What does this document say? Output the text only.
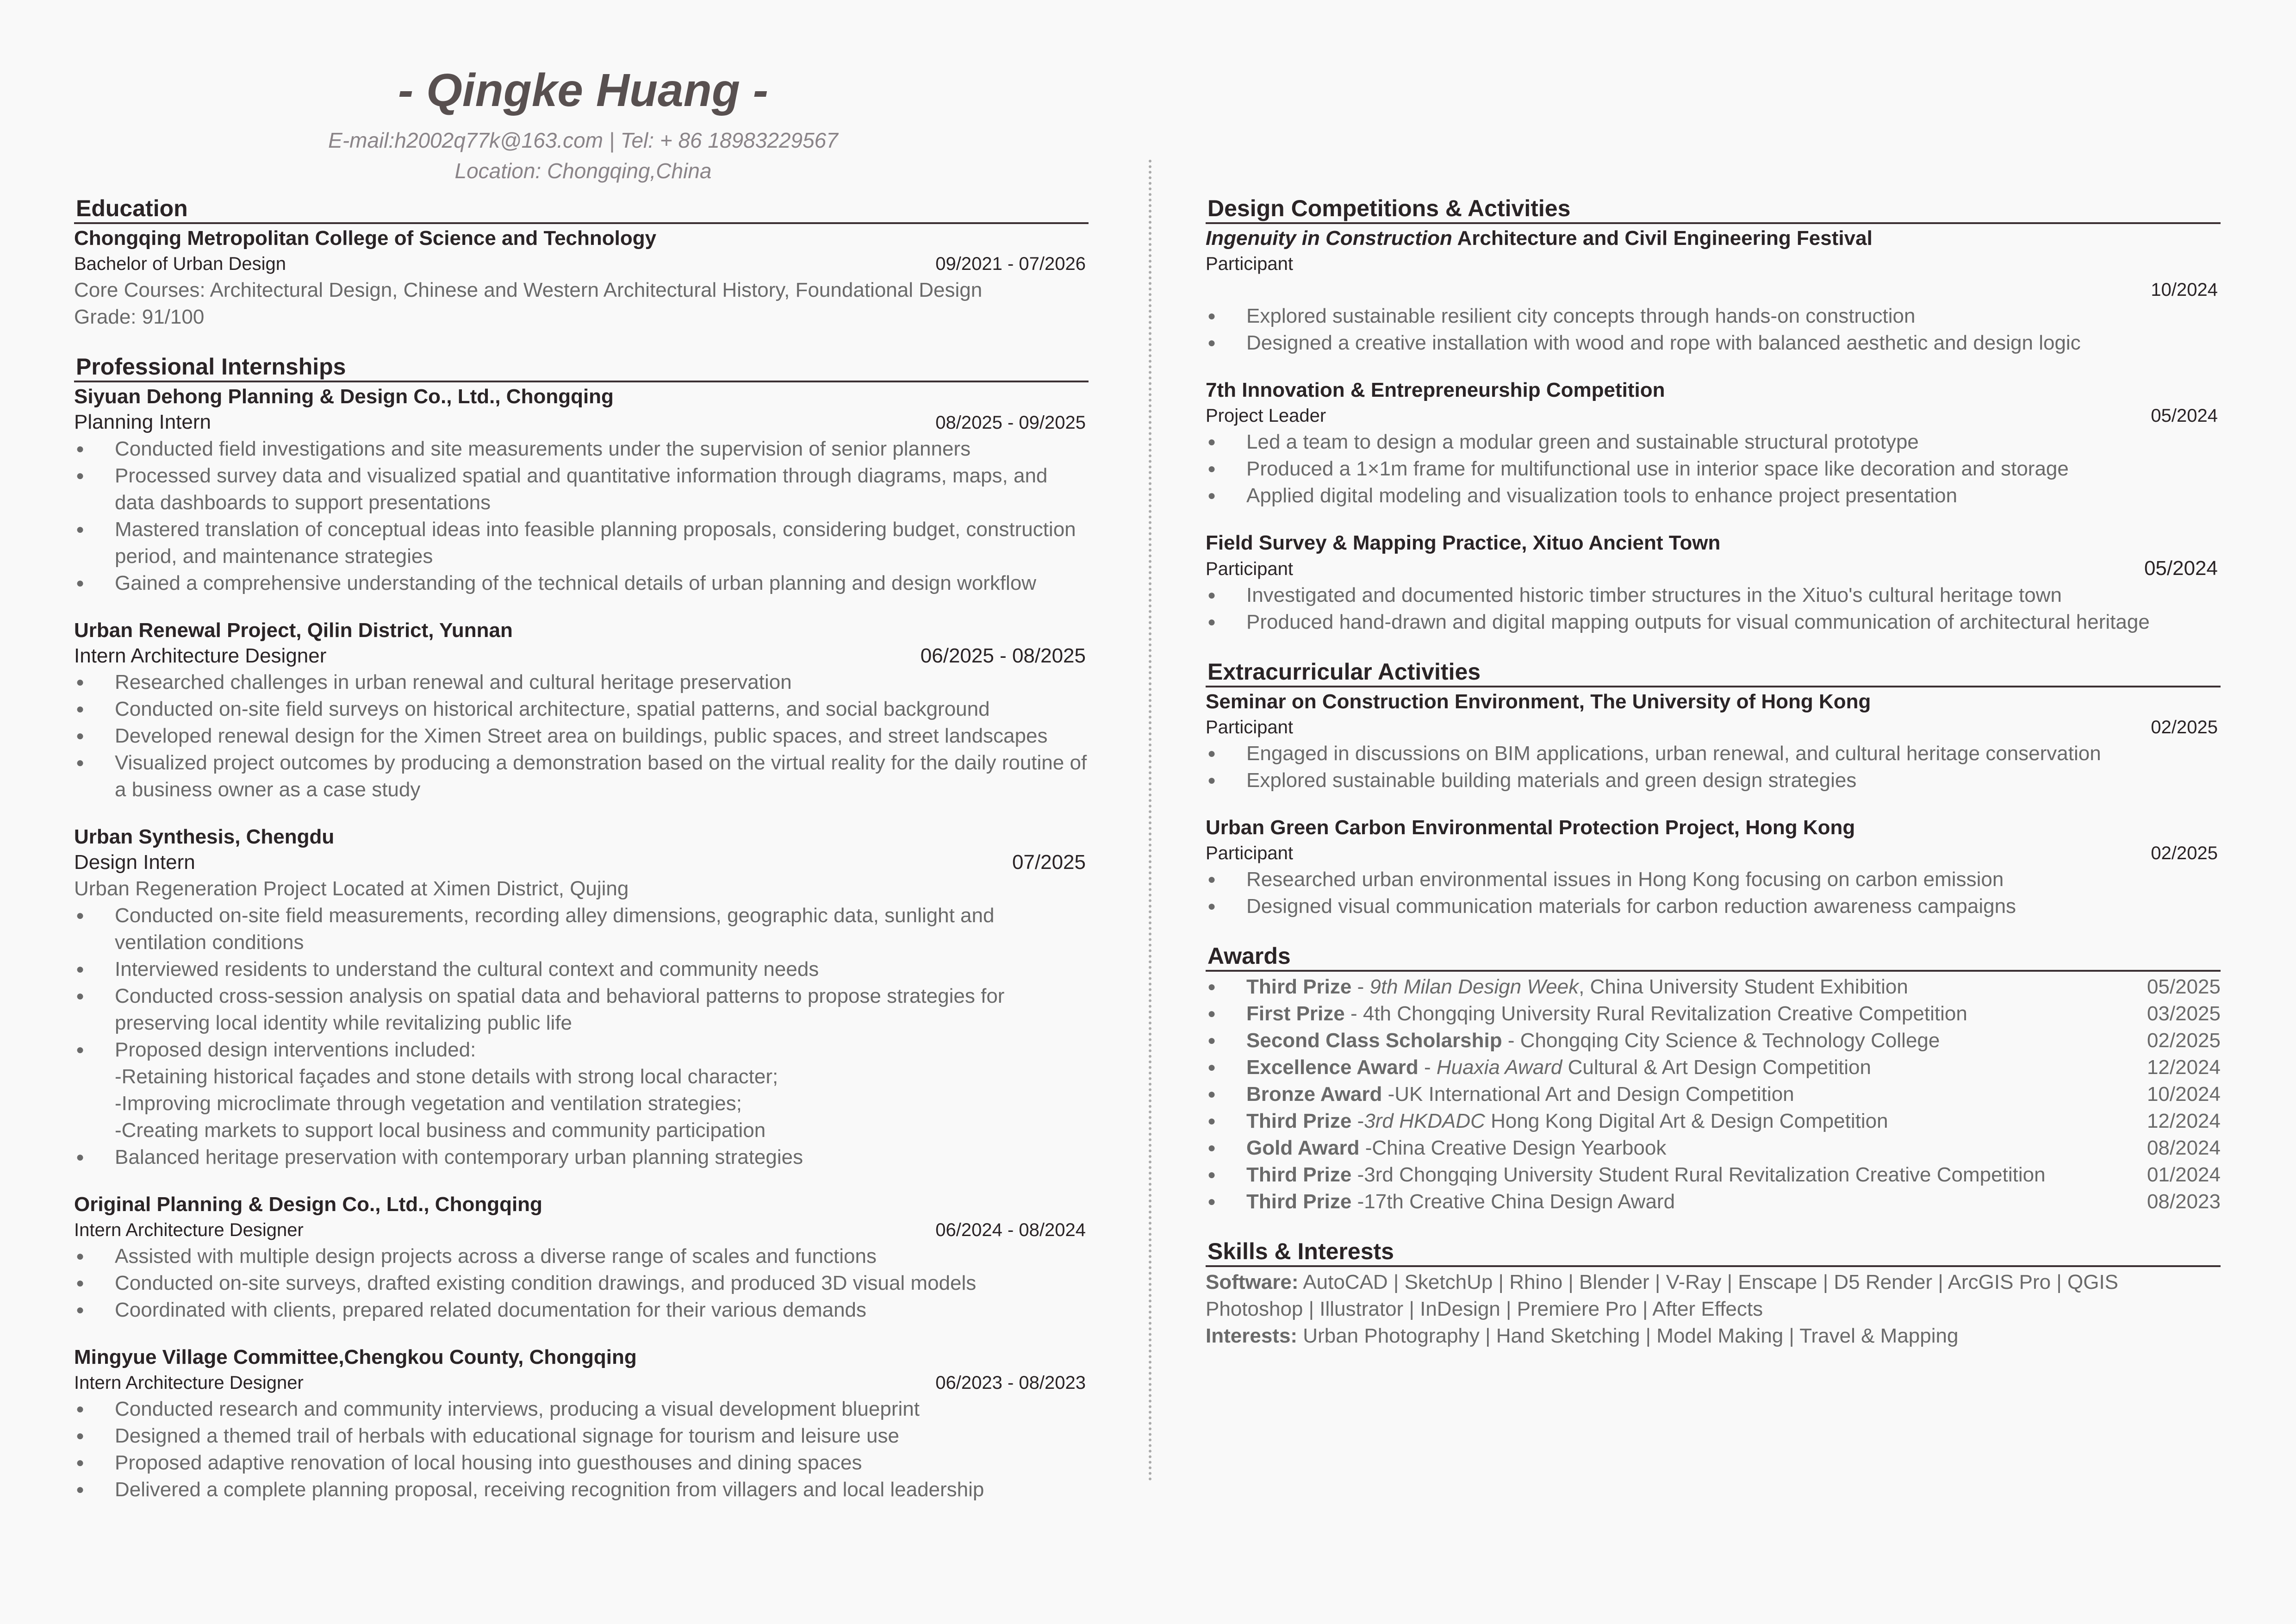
- Qingke Huang -
E-mail:h2002q77k@163.com | Tel: + 86 18983229567
Location: Chongqing,China
Education
Chongqing Metropolitan College of Science and Technology
Bachelor of Urban Design	09/2021 - 07/2026
Core Courses: Architectural Design, Chinese and Western Architectural History, Foundational Design
Grade: 91/100
Professional Internships
Siyuan Dehong Planning & Design Co., Ltd., Chongqing
Planning Intern	08/2025 - 09/2025
● Conducted field investigations and site measurements under the supervision of senior planners
● Processed survey data and visualized spatial and quantitative information through diagrams, maps, and data dashboards to support presentations
● Mastered translation of conceptual ideas into feasible planning proposals, considering budget, construction period, and maintenance strategies
● Gained a comprehensive understanding of the technical details of urban planning and design workflow
Urban Renewal Project, Qilin District, Yunnan
Intern Architecture Designer	06/2025 - 08/2025
● Researched challenges in urban renewal and cultural heritage preservation
● Conducted on-site field surveys on historical architecture, spatial patterns, and social background
● Developed renewal design for the Ximen Street area on buildings, public spaces, and street landscapes
● Visualized project outcomes by producing a demonstration based on the virtual reality for the daily routine of a business owner as a case study
Urban Synthesis, Chengdu
Design Intern	07/2025
Urban Regeneration Project Located at Ximen District, Qujing
● Conducted on-site field measurements, recording alley dimensions, geographic data, sunlight and ventilation conditions
● Interviewed residents to understand the cultural context and community needs
● Conducted cross-session analysis on spatial data and behavioral patterns to propose strategies for preserving local identity while revitalizing public life
● Proposed design interventions included:
-Retaining historical façades and stone details with strong local character;
-Improving microclimate through vegetation and ventilation strategies;
-Creating markets to support local business and community participation
● Balanced heritage preservation with contemporary urban planning strategies
Original Planning & Design Co., Ltd., Chongqing
Intern Architecture Designer	06/2024 - 08/2024
● Assisted with multiple design projects across a diverse range of scales and functions
● Conducted on-site surveys, drafted existing condition drawings, and produced 3D visual models
● Coordinated with clients, prepared related documentation for their various demands
Mingyue Village Committee,Chengkou County, Chongqing
Intern Architecture Designer	06/2023 - 08/2023
● Conducted research and community interviews, producing a visual development blueprint
● Designed a themed trail of herbals with educational signage for tourism and leisure use
● Proposed adaptive renovation of local housing into guesthouses and dining spaces
● Delivered a complete planning proposal, receiving recognition from villagers and local leadership
Design Competitions & Activities
Ingenuity in Construction Architecture and Civil Engineering Festival
Participant
10/2024
● Explored sustainable resilient city concepts through hands-on construction
● Designed a creative installation with wood and rope with balanced aesthetic and design logic
7th Innovation & Entrepreneurship Competition
Project Leader	05/2024
● Led a team to design a modular green and sustainable structural prototype
● Produced a 1×1m frame for multifunctional use in interior space like decoration and storage
● Applied digital modeling and visualization tools to enhance project presentation
Field Survey & Mapping Practice, Xituo Ancient Town
Participant	05/2024
● Investigated and documented historic timber structures in the Xituo's cultural heritage town
● Produced hand-drawn and digital mapping outputs for visual communication of architectural heritage
Extracurricular Activities
Seminar on Construction Environment, The University of Hong Kong
Participant	02/2025
● Engaged in discussions on BIM applications, urban renewal, and cultural heritage conservation
● Explored sustainable building materials and green design strategies
Urban Green Carbon Environmental Protection Project, Hong Kong
Participant	02/2025
● Researched urban environmental issues in Hong Kong focusing on carbon emission
● Designed visual communication materials for carbon reduction awareness campaigns
Awards
● Third Prize - 9th Milan Design Week, China University Student Exhibition	05/2025
● First Prize - 4th Chongqing University Rural Revitalization Creative Competition	03/2025
● Second Class Scholarship - Chongqing City Science & Technology College	02/2025
● Excellence Award - Huaxia Award Cultural & Art Design Competition	12/2024
● Bronze Award -UK International Art and Design Competition	10/2024
● Third Prize -3rd HKDADC Hong Kong Digital Art & Design Competition	12/2024
● Gold Award -China Creative Design Yearbook	08/2024
● Third Prize -3rd Chongqing University Student Rural Revitalization Creative Competition	01/2024
● Third Prize -17th Creative China Design Award	08/2023
Skills & Interests

Software: AutoCAD | SketchUp | Rhino | Blender | V-Ray | Enscape | D5 Render | ArcGIS Pro | QGIS Photoshop | Illustrator | InDesign | Premiere Pro | After Effects

Interests: Urban Photography | Hand Sketching | Model Making | Travel & Mapping
